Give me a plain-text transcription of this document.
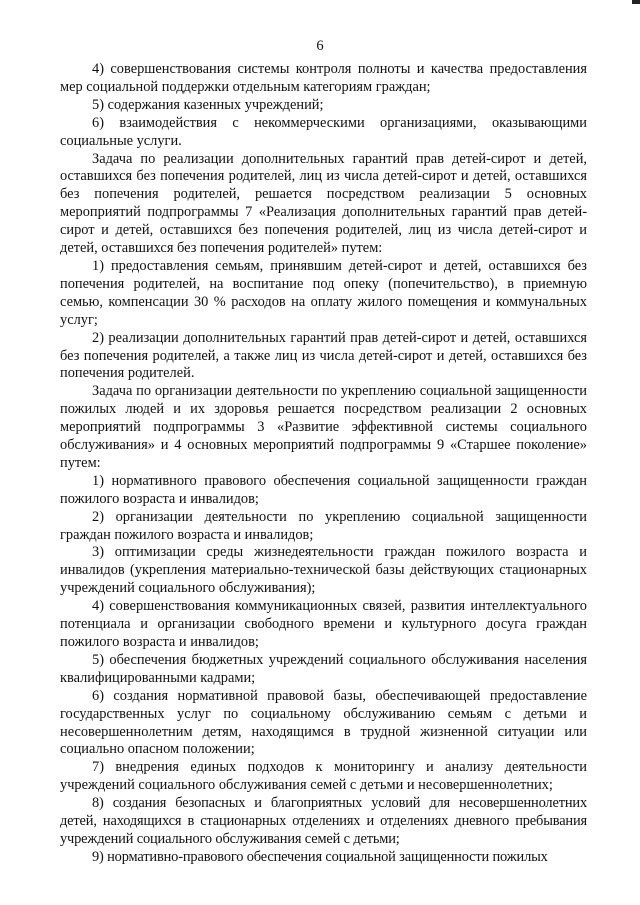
6

4) совершенствования системы контроля полноты и качества предоставления мер социальной поддержки отдельным категориям граждан;

5) содержания казенных учреждений;

6) взаимодействия с некоммерческими организациями, оказывающими социальные услуги.

Задача по реализации дополнительных гарантий прав детей-сирот и детей, оставшихся без попечения родителей, лиц из числа детей-сирот и детей, оставшихся без попечения родителей, решается посредством реализации 5 основных мероприятий подпрограммы 7 «Реализация дополнительных гарантий прав детей-сирот и детей, оставшихся без попечения родителей, лиц из числа детей-сирот и детей, оставшихся без попечения родителей» путем:

1) предоставления семьям, принявшим детей-сирот и детей, оставшихся без попечения родителей, на воспитание под опеку (попечительство), в приемную семью, компенсации 30 % расходов на оплату жилого помещения и коммунальных услуг;

2) реализации дополнительных гарантий прав детей-сирот и детей, оставшихся без попечения родителей, а также лиц из числа детей-сирот и детей, оставшихся без попечения родителей.

Задача по организации деятельности по укреплению социальной защищенности пожилых людей и их здоровья решается посредством реализации 2 основных мероприятий подпрограммы 3 «Развитие эффективной системы социального обслуживания» и 4 основных мероприятий подпрограммы 9 «Старшее поколение» путем:

1) нормативного правового обеспечения социальной защищенности граждан пожилого возраста и инвалидов;

2) организации деятельности по укреплению социальной защищенности граждан пожилого возраста и инвалидов;

3) оптимизации среды жизнедеятельности граждан пожилого возраста и инвалидов (укрепления материально-технической базы действующих стационарных учреждений социального обслуживания);

4) совершенствования коммуникационных связей, развития интеллектуального потенциала и организации свободного времени и культурного досуга граждан пожилого возраста и инвалидов;

5) обеспечения бюджетных учреждений социального обслуживания населения квалифицированными кадрами;

6) создания нормативной правовой базы, обеспечивающей предоставление государственных услуг по социальному обслуживанию семьям с детьми и несовершеннолетним детям, находящимся в трудной жизненной ситуации или социально опасном положении;

7) внедрения единых подходов к мониторингу и анализу деятельности учреждений социального обслуживания семей с детьми и несовершеннолетних;

8) создания безопасных и благоприятных условий для несовершеннолетних детей, находящихся в стационарных отделениях и отделениях дневного пребывания учреждений социального обслуживания семей с детьми;

9) нормативно-правового обеспечения социальной защищенности пожилых
